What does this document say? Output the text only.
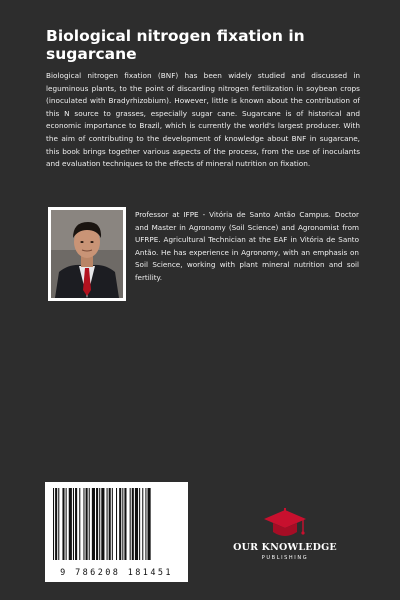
Biological nitrogen fixation in sugarcane

Biological nitrogen fixation (BNF) has been widely studied and discussed in leguminous plants, to the point of discarding nitrogen fertilization in soybean crops (inoculated with Bradyrhizobium). However, little is known about the contribution of this N source to grasses, especially sugar cane. Sugarcane is of historical and economic importance to Brazil, which is currently the world's largest producer. With the aim of contributing to the development of knowledge about BNF in sugarcane, this book brings together various aspects of the process, from the use of inoculants and evaluation techniques to the effects of mineral nutrition on fixation.

Professor at IFPE - Vitória de Santo Antão Campus. Doctor and Master in Agronomy (Soil Science) and Agronomist from UFRPE. Agricultural Technician at the EAF in Vitória de Santo Antão. He has experience in Agronomy, with an emphasis on Soil Science, working with plant mineral nutrition and soil fertility.

9 786208 181451
OUR KNOWLEDGE
PUBLISHING
